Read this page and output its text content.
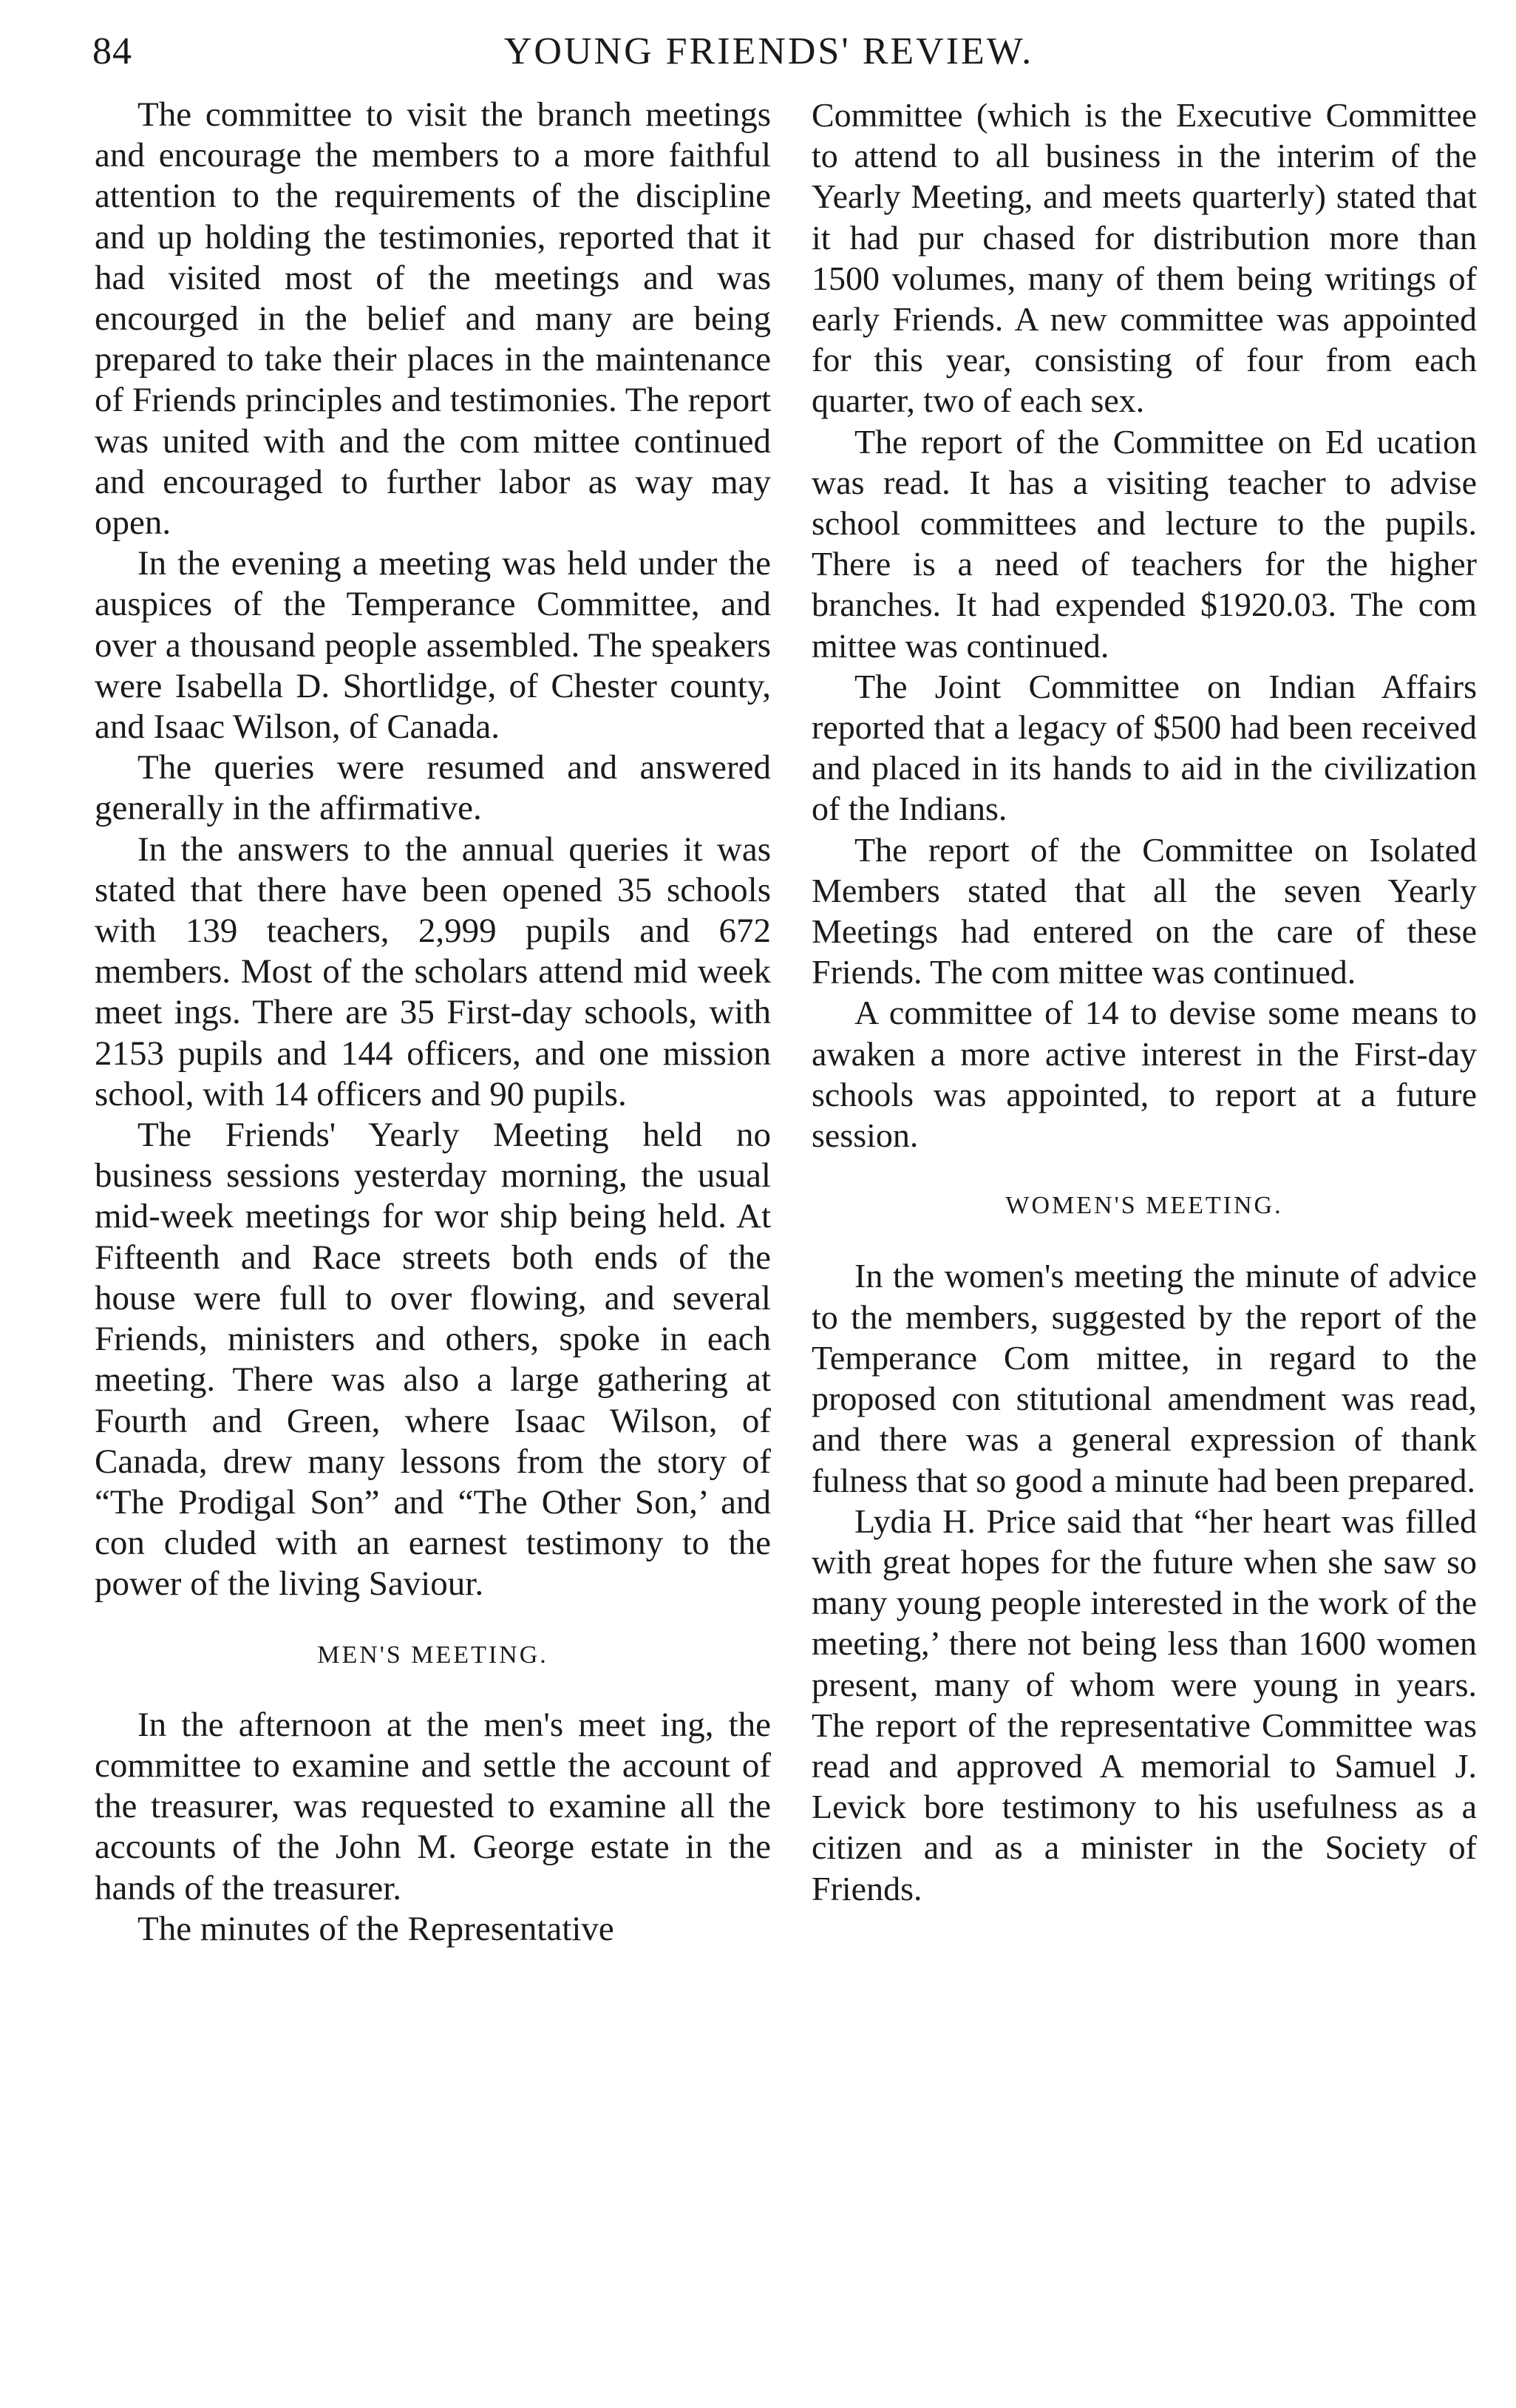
84	YOUNG FRIENDS' REVIEW.

The committee to visit the branch meetings and encourage the members to a more faithful attention to the requirements of the discipline and up holding the testimonies, reported that it had visited most of the meetings and was encourged in the belief and many are being prepared to take their places in the maintenance of Friends principles and testimonies. The report was united with and the com mittee continued and encouraged to further labor as way may open.

In the evening a meeting was held under the auspices of the Temperance Committee, and over a thousand people assembled. The speakers were Isabella D. Shortlidge, of Chester county, and Isaac Wilson, of Canada.

The queries were resumed and answered generally in the affirmative.

In the answers to the annual queries it was stated that there have been opened 35 schools with 139 teachers, 2,999 pupils and 672 members. Most of the scholars attend mid week meet ings. There are 35 First-day schools, with 2153 pupils and 144 officers, and one mission school, with 14 officers and 90 pupils.

The Friends' Yearly Meeting held no business sessions yesterday morning, the usual mid-week meetings for wor ship being held. At Fifteenth and Race streets both ends of the house were full to over flowing, and several Friends, ministers and others, spoke in each meeting. There was also a large gathering at Fourth and Green, where Isaac Wilson, of Canada, drew many lessons from the story of “The Prodigal Son” and “The Other Son,’ and con cluded with an earnest testimony to the power of the living Saviour.

MEN'S MEETING.

In the afternoon at the men's meet ing, the committee to examine and settle the account of the treasurer, was requested to examine all the accounts of the John M. George estate in the hands of the treasurer.

The minutes of the Representative

Committee (which is the Executive Committee to attend to all business in the interim of the Yearly Meeting, and meets quarterly) stated that it had pur chased for distribution more than 1500 volumes, many of them being writings of early Friends. A new committee was appointed for this year, consisting of four from each quarter, two of each sex.

The report of the Committee on Ed ucation was read. It has a visiting teacher to advise school committees and lecture to the pupils. There is a need of teachers for the higher branches. It had expended $1920.03. The com mittee was continued.

The Joint Committee on Indian Affairs reported that a legacy of $500 had been received and placed in its hands to aid in the civilization of the Indians.

The report of the Committee on Isolated Members stated that all the seven Yearly Meetings had entered on the care of these Friends. The com mittee was continued.

A committee of 14 to devise some means to awaken a more active interest in the First-day schools was appointed, to report at a future session.

WOMEN'S MEETING.

In the women's meeting the minute of advice to the members, suggested by the report of the Temperance Com mittee, in regard to the proposed con stitutional amendment was read, and there was a general expression of thank fulness that so good a minute had been prepared.

Lydia H. Price said that “her heart was filled with great hopes for the future when she saw so many young people interested in the work of the meeting,’ there not being less than 1600 women present, many of whom were young in years. The report of the representative Committee was read and approved A memorial to Samuel J. Levick bore testimony to his usefulness as a citizen and as a minister in the Society of Friends.
